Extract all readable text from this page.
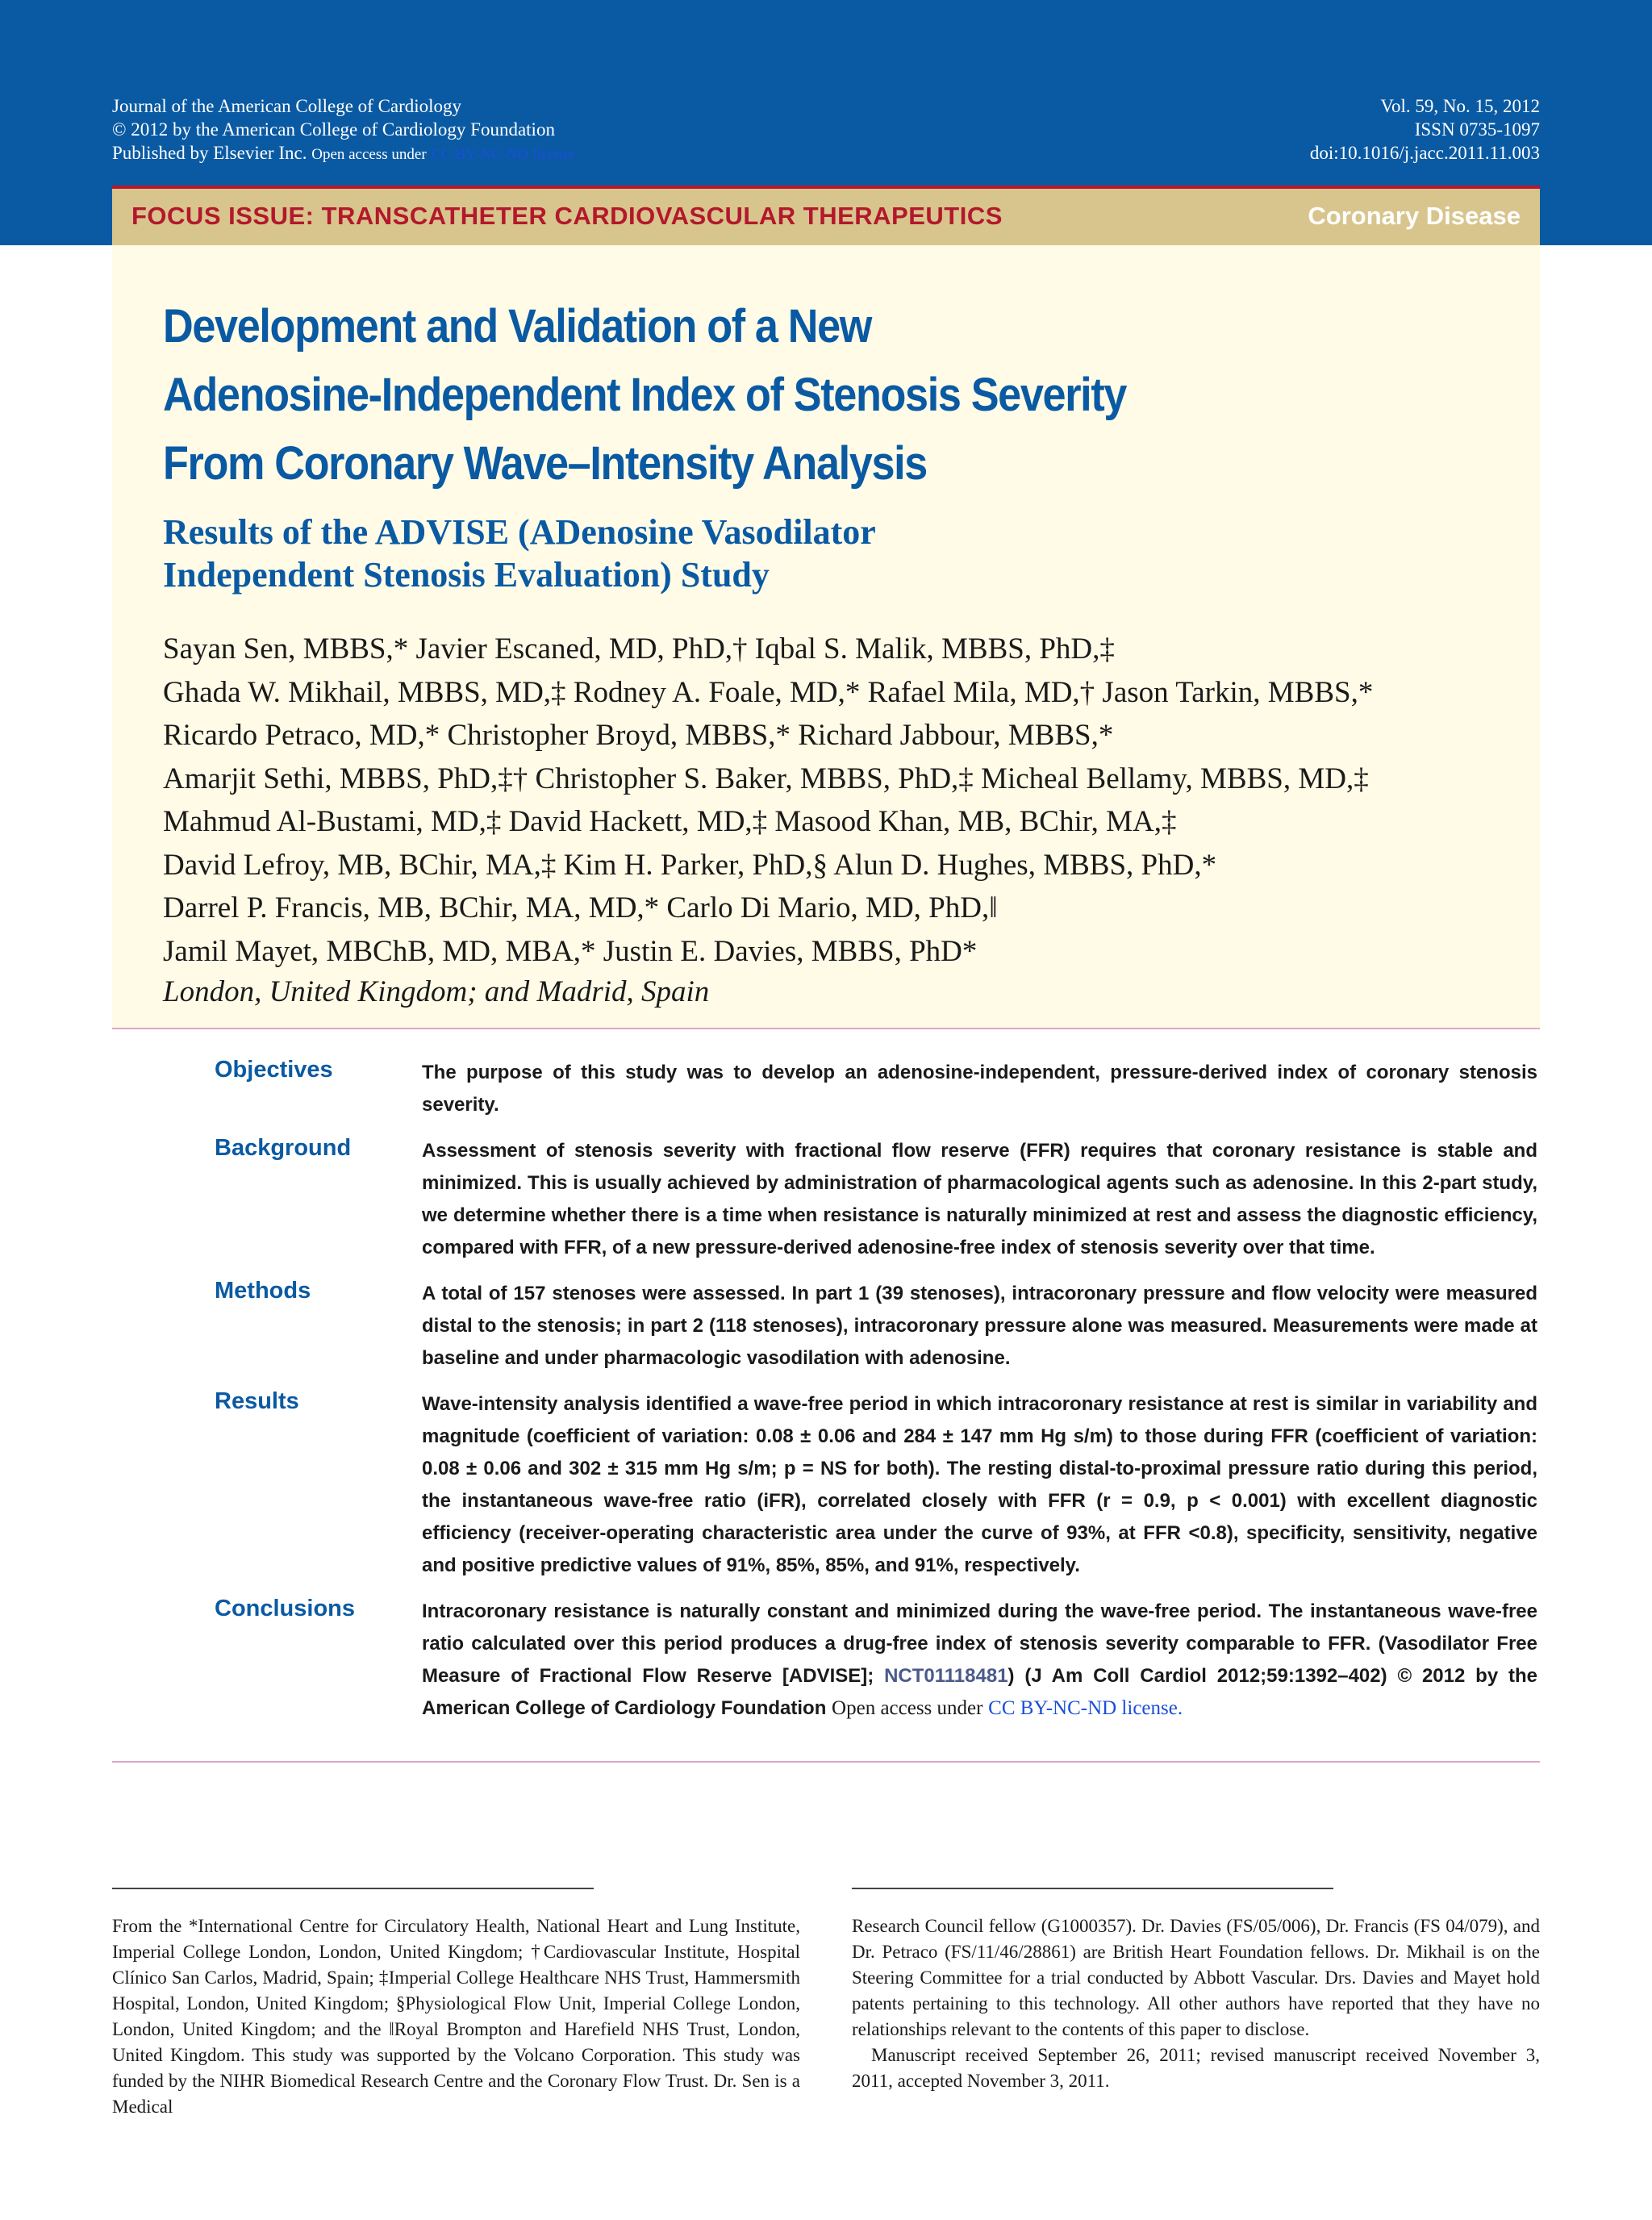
Journal of the American College of Cardiology
© 2012 by the American College of Cardiology Foundation
Published by Elsevier Inc. Open access under CC BY-NC-ND license.
Vol. 59, No. 15, 2012
ISSN 0735-1097
doi:10.1016/j.jacc.2011.11.003
FOCUS ISSUE: TRANSCATHETER CARDIOVASCULAR THERAPEUTICS	Coronary Disease
Development and Validation of a New
Adenosine-Independent Index of Stenosis Severity
From Coronary Wave–Intensity Analysis
Results of the ADVISE (ADenosine Vasodilator
Independent Stenosis Evaluation) Study
Sayan Sen, MBBS,* Javier Escaned, MD, PhD,† Iqbal S. Malik, MBBS, PhD,‡
Ghada W. Mikhail, MBBS, MD,‡ Rodney A. Foale, MD,* Rafael Mila, MD,† Jason Tarkin, MBBS,*
Ricardo Petraco, MD,* Christopher Broyd, MBBS,* Richard Jabbour, MBBS,*
Amarjit Sethi, MBBS, PhD,‡† Christopher S. Baker, MBBS, PhD,‡ Micheal Bellamy, MBBS, MD,‡
Mahmud Al-Bustami, MD,‡ David Hackett, MD,‡ Masood Khan, MB, BChir, MA,‡
David Lefroy, MB, BChir, MA,‡ Kim H. Parker, PhD,§ Alun D. Hughes, MBBS, PhD,*
Darrel P. Francis, MB, BChir, MA, MD,* Carlo Di Mario, MD, PhD,‖
Jamil Mayet, MBChB, MD, MBA,* Justin E. Davies, MBBS, PhD*
London, United Kingdom; and Madrid, Spain
Objectives	The purpose of this study was to develop an adenosine-independent, pressure-derived index of coronary stenosis severity.
Background	Assessment of stenosis severity with fractional flow reserve (FFR) requires that coronary resistance is stable and minimized. This is usually achieved by administration of pharmacological agents such as adenosine. In this 2-part study, we determine whether there is a time when resistance is naturally minimized at rest and assess the diagnostic efficiency, compared with FFR, of a new pressure-derived adenosine-free index of stenosis severity over that time.
Methods	A total of 157 stenoses were assessed. In part 1 (39 stenoses), intracoronary pressure and flow velocity were measured distal to the stenosis; in part 2 (118 stenoses), intracoronary pressure alone was measured. Measurements were made at baseline and under pharmacologic vasodilation with adenosine.
Results	Wave-intensity analysis identified a wave-free period in which intracoronary resistance at rest is similar in variability and magnitude (coefficient of variation: 0.08 ± 0.06 and 284 ± 147 mm Hg s/m) to those during FFR (coefficient of variation: 0.08 ± 0.06 and 302 ± 315 mm Hg s/m; p = NS for both). The resting distal-to-proximal pressure ratio during this period, the instantaneous wave-free ratio (iFR), correlated closely with FFR (r = 0.9, p < 0.001) with excellent diagnostic efficiency (receiver-operating characteristic area under the curve of 93%, at FFR <0.8), specificity, sensitivity, negative and positive predictive values of 91%, 85%, 85%, and 91%, respectively.
Conclusions	Intracoronary resistance is naturally constant and minimized during the wave-free period. The instantaneous wave-free ratio calculated over this period produces a drug-free index of stenosis severity comparable to FFR. (Vasodilator Free Measure of Fractional Flow Reserve [ADVISE]; NCT01118481) (J Am Coll Cardiol 2012;59:1392–402) © 2012 by the American College of Cardiology Foundation Open access under CC BY-NC-ND license.

From the *International Centre for Circulatory Health, National Heart and Lung Institute, Imperial College London, London, United Kingdom; †Cardiovascular Institute, Hospital Clínico San Carlos, Madrid, Spain; ‡Imperial College Healthcare NHS Trust, Hammersmith Hospital, London, United Kingdom; §Physiological Flow Unit, Imperial College London, London, United Kingdom; and the ‖Royal Brompton and Harefield NHS Trust, London, United Kingdom. This study was supported by the Volcano Corporation. This study was funded by the NIHR Biomedical Research Centre and the Coronary Flow Trust. Dr. Sen is a Medical

Research Council fellow (G1000357). Dr. Davies (FS/05/006), Dr. Francis (FS 04/079), and Dr. Petraco (FS/11/46/28861) are British Heart Foundation fellows. Dr. Mikhail is on the Steering Committee for a trial conducted by Abbott Vascular. Drs. Davies and Mayet hold patents pertaining to this technology. All other authors have reported that they have no relationships relevant to the contents of this paper to disclose.

Manuscript received September 26, 2011; revised manuscript received November 3, 2011, accepted November 3, 2011.
